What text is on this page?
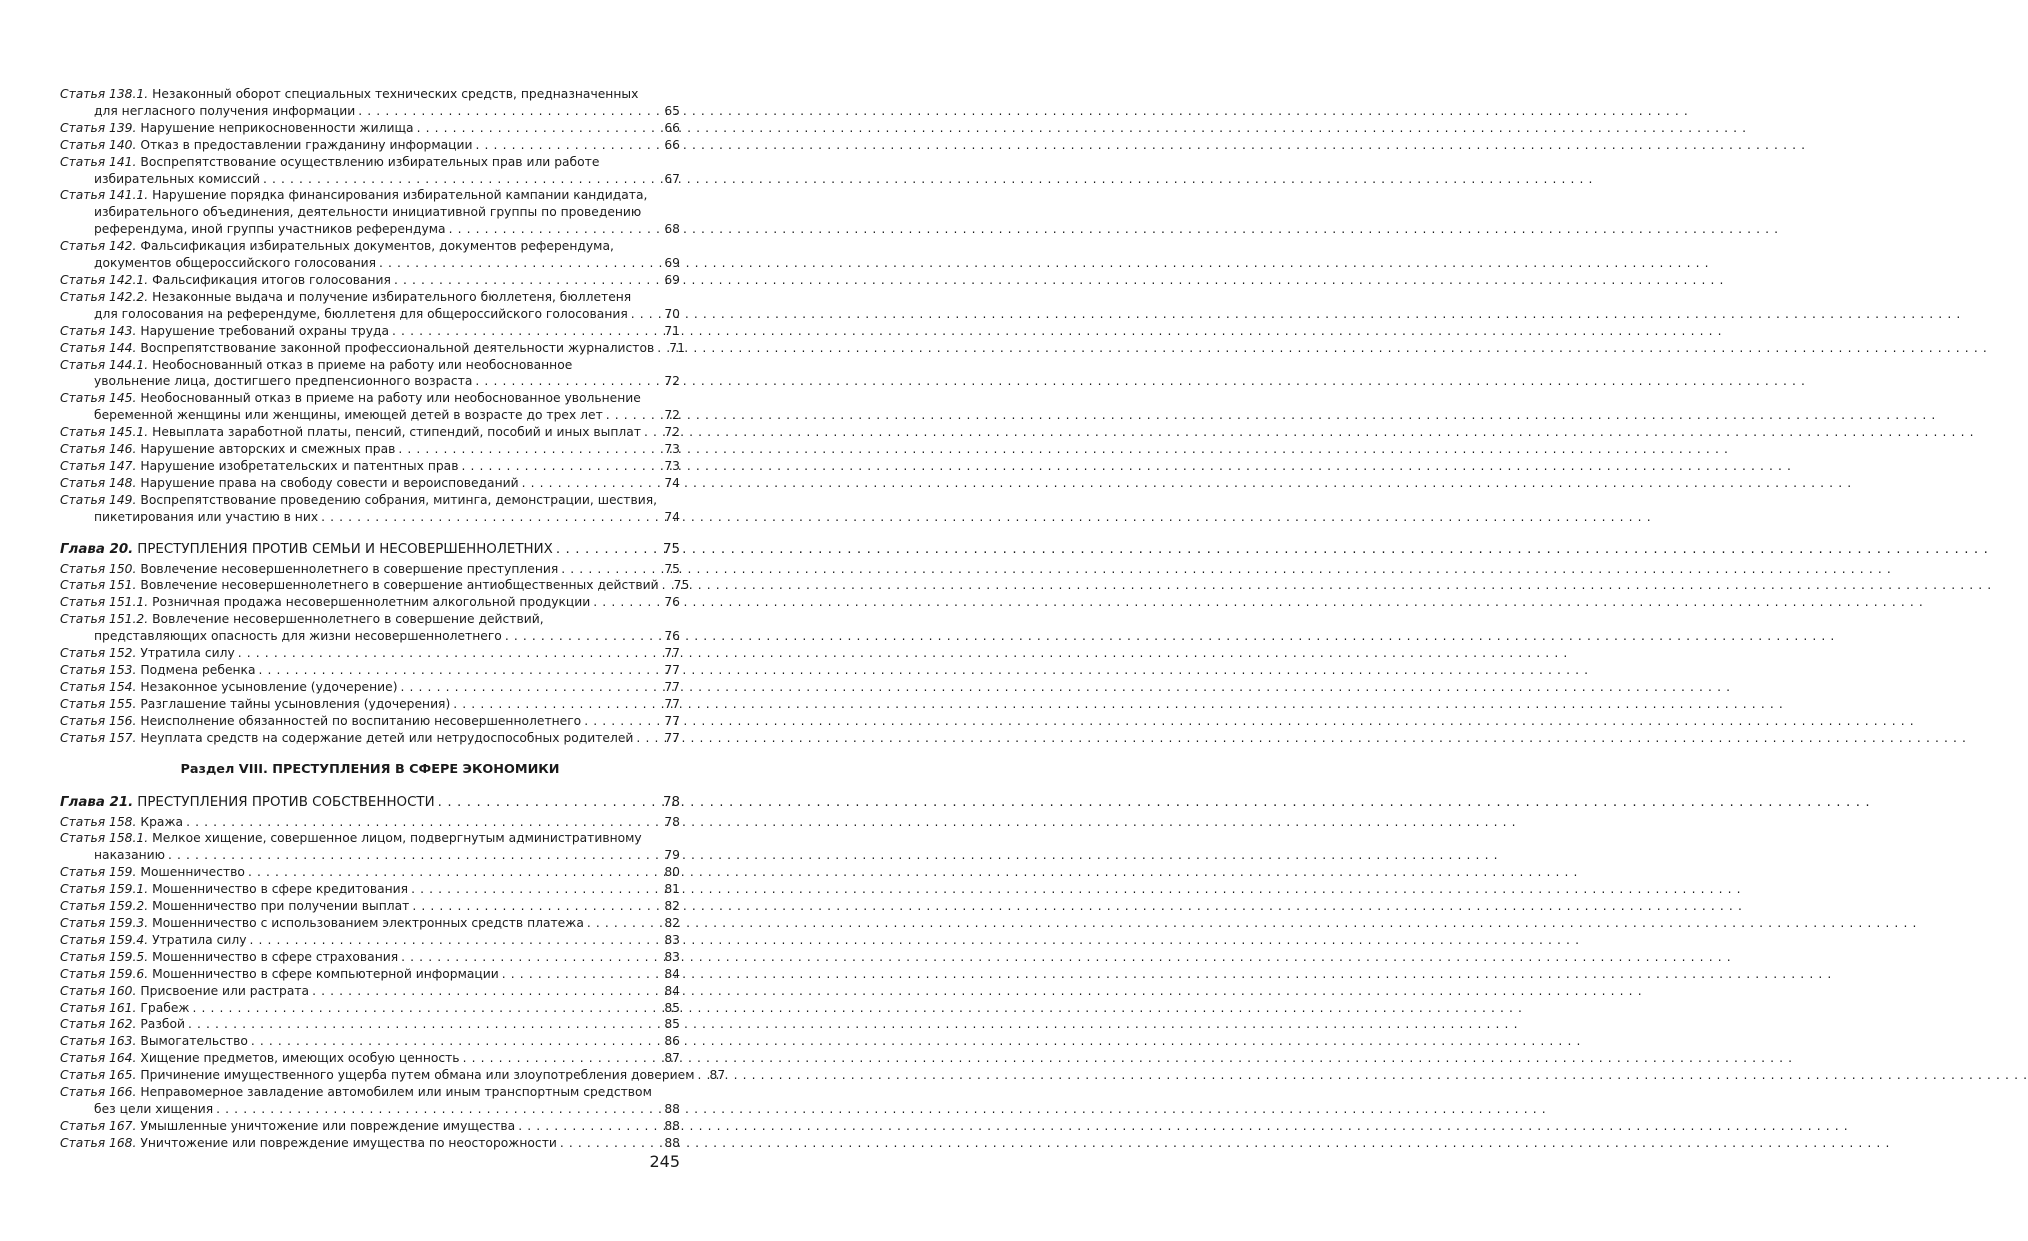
Статья 138.1. Незаконный оборот специальных технических средств, предназначенных
для негласного получения информации . . .	65
Статья 139. Нарушение неприкосновенности жилища . . .	66
Статья 140. Отказ в предоставлении гражданину информации . . .	66
Статья 141. Воспрепятствование осуществлению избирательных прав или работе
избирательных комиссий . . .	67
Статья 141.1. Нарушение порядка финансирования избирательной кампании кандидата,
избирательного объединения, деятельности инициативной группы по проведению
референдума, иной группы участников референдума . . .	68
Статья 142. Фальсификация избирательных документов, документов референдума,
документов общероссийского голосования . . .	69
Статья 142.1. Фальсификация итогов голосования . . .	69
Статья 142.2. Незаконные выдача и получение избирательного бюллетеня, бюллетеня
для голосования на референдуме, бюллетеня для общероссийского голосования . . .	70
Статья 143. Нарушение требований охраны труда . . .	71
Статья 144. Воспрепятствование законной профессиональной деятельности журналистов . . . 71
Статья 144.1. Необоснованный отказ в приеме на работу или необоснованное
увольнение лица, достигшего предпенсионного возраста . . .	72
Статья 145. Необоснованный отказ в приеме на работу или необоснованное увольнение
беременной женщины или женщины, имеющей детей в возрасте до трех лет . . .	72
Статья 145.1. Невыплата заработной платы, пенсий, стипендий, пособий и иных выплат . . . 72
Статья 146. Нарушение авторских и смежных прав . . .	73
Статья 147. Нарушение изобретательских и патентных прав . . .	73
Статья 148. Нарушение права на свободу совести и вероисповеданий . . .	74
Статья 149. Воспрепятствование проведению собрания, митинга, демонстрации, шествия,
пикетирования или участию в них . . .	74
Глава 20. ПРЕСТУПЛЕНИЯ ПРОТИВ СЕМЬИ И НЕСОВЕРШЕННОЛЕТНИХ . . .	75
Статья 150. Вовлечение несовершеннолетнего в совершение преступления . . .	75
Статья 151. Вовлечение несовершеннолетнего в совершение антиобщественных действий . . . 75
Статья 151.1. Розничная продажа несовершеннолетним алкогольной продукции . . .	76
Статья 151.2. Вовлечение несовершеннолетнего в совершение действий,
представляющих опасность для жизни несовершеннолетнего . . .	76
Статья 152. Утратила силу . . .	77
Статья 153. Подмена ребенка . . .	77
Статья 154. Незаконное усыновление (удочерение) . . .	77
Статья 155. Разглашение тайны усыновления (удочерения) . . .	77
Статья 156. Неисполнение обязанностей по воспитанию несовершеннолетнего . . .	77
Статья 157. Неуплата средств на содержание детей или нетрудоспособных родителей . . .	77
Раздел VIII. ПРЕСТУПЛЕНИЯ В СФЕРЕ ЭКОНОМИКИ
Глава 21. ПРЕСТУПЛЕНИЯ ПРОТИВ СОБСТВЕННОСТИ . . .	78
Статья 158. Кража . . .	78
Статья 158.1. Мелкое хищение, совершенное лицом, подвергнутым административному
наказанию . . .	79
Статья 159. Мошенничество . . .	80
Статья 159.1. Мошенничество в сфере кредитования . . .	81
Статья 159.2. Мошенничество при получении выплат . . .	82
Статья 159.3. Мошенничество с использованием электронных средств платежа . . .	82
Статья 159.4. Утратила силу . . .	83
Статья 159.5. Мошенничество в сфере страхования . . .	83
Статья 159.6. Мошенничество в сфере компьютерной информации . . .	84
Статья 160. Присвоение или растрата . . .	84
Статья 161. Грабеж . . .	85
Статья 162. Разбой . . .	85
Статья 163. Вымогательство . . .	86
Статья 164. Хищение предметов, имеющих особую ценность . . .	87
Статья 165. Причинение имущественного ущерба путем обмана или злоупотребления доверием . . . 87
Статья 166. Неправомерное завладение автомобилем или иным транспортным средством
без цели хищения . . .	88
Статья 167. Умышленные уничтожение или повреждение имущества . . .	88
Статья 168. Уничтожение или повреждение имущества по неосторожности . . .	88
245
